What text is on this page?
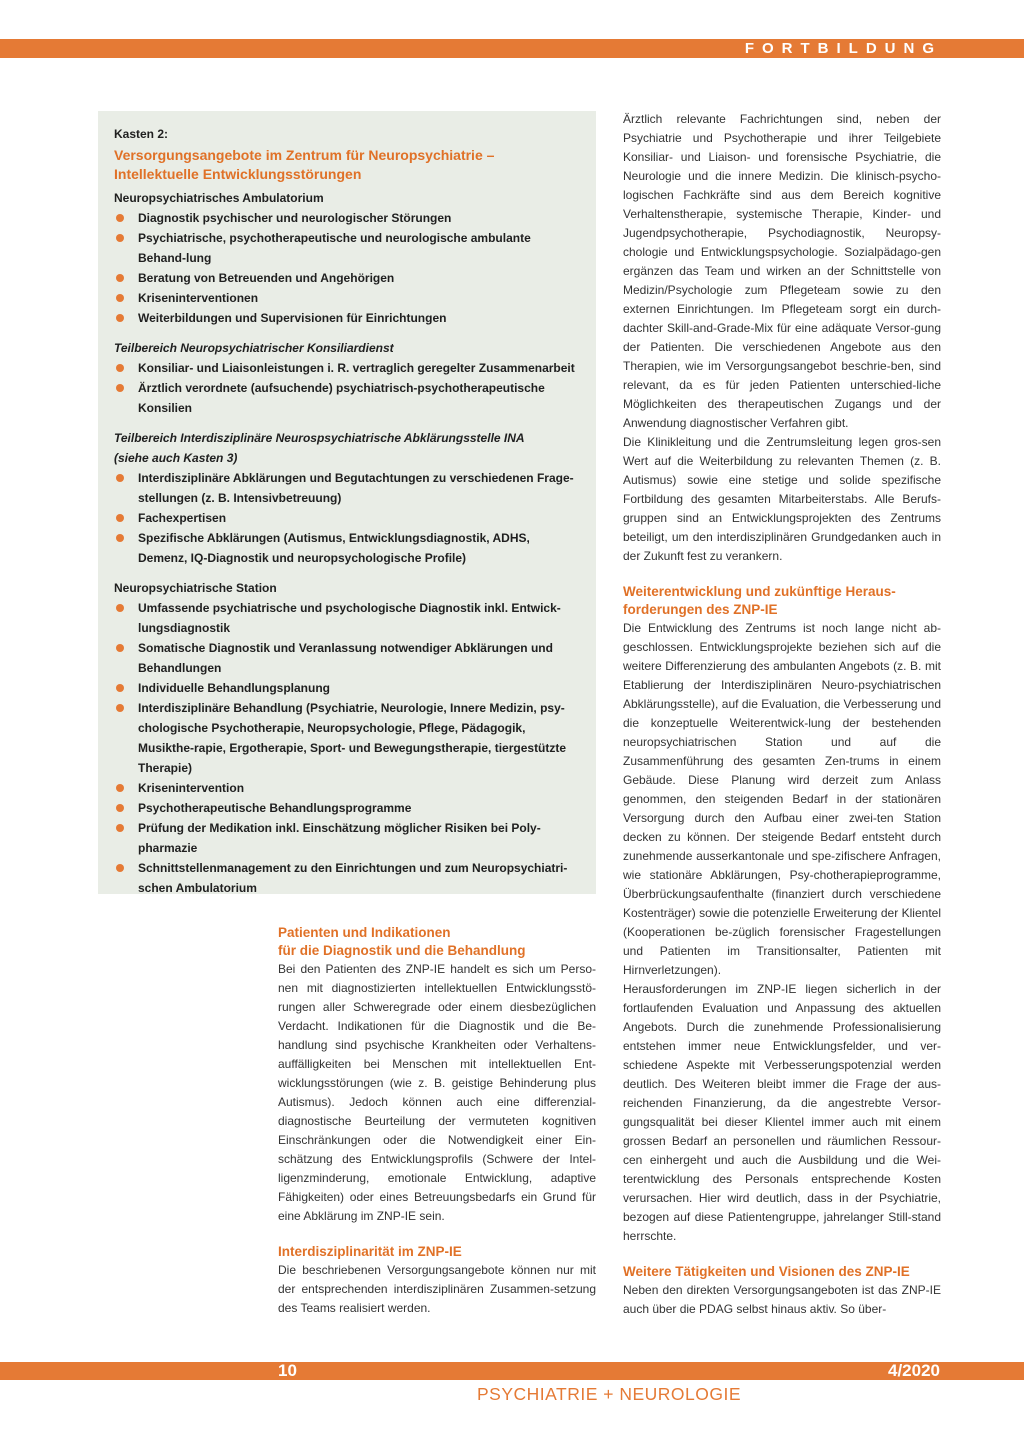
FORTBILDUNG
Kasten 2:
Versorgungsangebote im Zentrum für Neuropsychiatrie –
Intellektuelle Entwicklungsstörungen
Neuropsychiatrisches Ambulatorium
Diagnostik psychischer und neurologischer Störungen
Psychiatrische, psychotherapeutische und neurologische ambulante Behand-lung
Beratung von Betreuenden und Angehörigen
Kriseninterventionen
Weiterbildungen und Supervisionen für Einrichtungen
Teilbereich Neuropsychiatrischer Konsiliardienst
Konsiliar- und Liaisonleistungen i. R. vertraglich geregelter Zusammenarbeit
Ärztlich verordnete (aufsuchende) psychiatrisch-psychotherapeutische Konsilien
Teilbereich Interdisziplinäre Neurospsychiatrische Abklärungsstelle INA
(siehe auch Kasten 3)
Interdisziplinäre Abklärungen und Begutachtungen zu verschiedenen Frage-stellungen (z. B. Intensivbetreuung)
Fachexpertisen
Spezifische Abklärungen (Autismus, Entwicklungsdiagnostik, ADHS, Demenz, IQ-Diagnostik und neuropsychologische Profile)
Neuropsychiatrische Station
Umfassende psychiatrische und psychologische Diagnostik inkl. Entwick-lungsdiagnostik
Somatische Diagnostik und Veranlassung notwendiger Abklärungen und Behandlungen
Individuelle Behandlungsplanung
Interdisziplinäre Behandlung (Psychiatrie, Neurologie, Innere Medizin, psy-chologische Psychotherapie, Neuropsychologie, Pflege, Pädagogik, Musikthe-rapie, Ergotherapie, Sport- und Bewegungstherapie, tiergestützte Therapie)
Krisenintervention
Psychotherapeutische Behandlungsprogramme
Prüfung der Medikation inkl. Einschätzung möglicher Risiken bei Poly-pharmazie
Schnittstellenmanagement zu den Einrichtungen und zum Neuropsychiatri-schen Ambulatorium
Patienten und Indikationen
für die Diagnostik und die Behandlung

Bei den Patienten des ZNP-IE handelt es sich um Perso-nen mit diagnostizierten intellektuellen Entwicklungsstö-rungen aller Schweregrade oder einem diesbezüglichen Verdacht. Indikationen für die Diagnostik und die Be-handlung sind psychische Krankheiten oder Verhaltens-auffälligkeiten bei Menschen mit intellektuellen Ent-wicklungsstörungen (wie z. B. geistige Behinderung plus Autismus). Jedoch können auch eine differenzial-diagnostische Beurteilung der vermuteten kognitiven Einschränkungen oder die Notwendigkeit einer Ein-schätzung des Entwicklungsprofils (Schwere der Intel-ligenzminderung, emotionale Entwicklung, adaptive Fähigkeiten) oder eines Betreuungsbedarfs ein Grund für eine Abklärung im ZNP-IE sein.

Interdisziplinarität im ZNP-IE

Die beschriebenen Versorgungsangebote können nur mit der entsprechenden interdisziplinären Zusammen-setzung des Teams realisiert werden.

Ärztlich relevante Fachrichtungen sind, neben der Psychiatrie und Psychotherapie und ihrer Teilgebiete Konsiliar- und Liaison- und forensische Psychiatrie, die Neurologie und die innere Medizin. Die klinisch-psycho-logischen Fachkräfte sind aus dem Bereich kognitive Verhaltenstherapie, systemische Therapie, Kinder- und Jugendpsychotherapie, Psychodiagnostik, Neuropsy-chologie und Entwicklungspsychologie. Sozialpädago-gen ergänzen das Team und wirken an der Schnittstelle von Medizin/Psychologie zum Pflegeteam sowie zu den externen Einrichtungen. Im Pflegeteam sorgt ein durch-dachter Skill-and-Grade-Mix für eine adäquate Versor-gung der Patienten. Die verschiedenen Angebote aus den Therapien, wie im Versorgungsangebot beschrie-ben, sind relevant, da es für jeden Patienten unterschied-liche Möglichkeiten des therapeutischen Zugangs und der Anwendung diagnostischer Verfahren gibt.

Die Klinikleitung und die Zentrumsleitung legen gros-sen Wert auf die Weiterbildung zu relevanten Themen (z. B. Autismus) sowie eine stetige und solide spezifische Fortbildung des gesamten Mitarbeiterstabs. Alle Berufs-gruppen sind an Entwicklungsprojekten des Zentrums beteiligt, um den interdisziplinären Grundgedanken auch in der Zukunft fest zu verankern.

Weiterentwicklung und zukünftige Heraus-
forderungen des ZNP-IE

Die Entwicklung des Zentrums ist noch lange nicht ab-geschlossen. Entwicklungsprojekte beziehen sich auf die weitere Differenzierung des ambulanten Angebots (z. B. mit Etablierung der Interdisziplinären Neuro-psychiatrischen Abklärungsstelle), auf die Evaluation, die Verbesserung und die konzeptuelle Weiterentwick-lung der bestehenden neuropsychiatrischen Station und auf die Zusammenführung des gesamten Zen-trums in einem Gebäude. Diese Planung wird derzeit zum Anlass genommen, den steigenden Bedarf in der stationären Versorgung durch den Aufbau einer zwei-ten Station decken zu können. Der steigende Bedarf entsteht durch zunehmende ausserkantonale und spe-zifischere Anfragen, wie stationäre Abklärungen, Psy-chotherapieprogramme, Überbrückungsaufenthalte (finanziert durch verschiedene Kostenträger) sowie die potenzielle Erweiterung der Klientel (Kooperationen be-züglich forensischer Fragestellungen und Patienten im Transitionsalter, Patienten mit Hirnverletzungen).

Herausforderungen im ZNP-IE liegen sicherlich in der fortlaufenden Evaluation und Anpassung des aktuellen Angebots. Durch die zunehmende Professionalisierung entstehen immer neue Entwicklungsfelder, und ver-schiedene Aspekte mit Verbesserungspotenzial werden deutlich. Des Weiteren bleibt immer die Frage der aus-reichenden Finanzierung, da die angestrebte Versor-gungsqualität bei dieser Klientel immer auch mit einem grossen Bedarf an personellen und räumlichen Ressour-cen einhergeht und auch die Ausbildung und die Wei-terentwicklung des Personals entsprechende Kosten verursachen. Hier wird deutlich, dass in der Psychiatrie, bezogen auf diese Patientengruppe, jahrelanger Still-stand herrschte.

Weitere Tätigkeiten und Visionen des ZNP-IE

Neben den direkten Versorgungsangeboten ist das ZNP-IE auch über die PDAG selbst hinaus aktiv. So über-

10	4/2020
PSYCHIATRIE + NEUROLOGIE
